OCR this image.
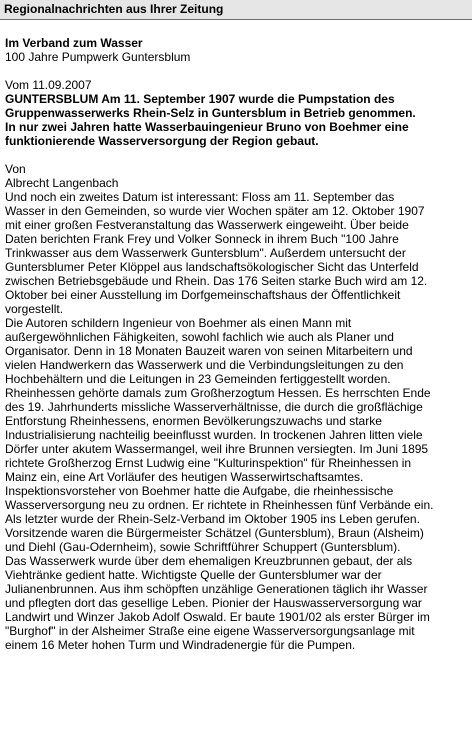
Regionalnachrichten aus Ihrer Zeitung
Im Verband zum Wasser
100 Jahre Pumpwerk Guntersblum
Vom 11.09.2007
GUNTERSBLUM Am 11. September 1907 wurde die Pumpstation des
Gruppenwasserwerks Rhein-Selz in Guntersblum in Betrieb genommen.
In nur zwei Jahren hatte Wasserbauingenieur Bruno von Boehmer eine
funktionierende Wasserversorgung der Region gebaut.
Von
Albrecht Langenbach
Und noch ein zweites Datum ist interessant: Floss am 11. September das
Wasser in den Gemeinden, so wurde vier Wochen später am 12. Oktober 1907
mit einer großen Festveranstaltung das Wasserwerk eingeweiht. Über beide
Daten berichten Frank Frey und Volker Sonneck in ihrem Buch "100 Jahre
Trinkwasser aus dem Wasserwerk Guntersblum". Außerdem untersucht der
Guntersblumer Peter Klöppel aus landschaftsökologischer Sicht das Unterfeld
zwischen Betriebsgebäude und Rhein. Das 176 Seiten starke Buch wird am 12.
Oktober bei einer Ausstellung im Dorfgemeinschaftshaus der Öffentlichkeit
vorgestellt.
Die Autoren schildern Ingenieur von Boehmer als einen Mann mit
außergewöhnlichen Fähigkeiten, sowohl fachlich wie auch als Planer und
Organisator. Denn in 18 Monaten Bauzeit waren von seinen Mitarbeitern und
vielen Handwerkern das Wasserwerk und die Verbindungsleitungen zu den
Hochbehältern und die Leitungen in 23 Gemeinden fertiggestellt worden.
Rheinhessen gehörte damals zum Großherzogtum Hessen. Es herrschten Ende
des 19. Jahrhunderts missliche Wasserverhältnisse, die durch die großflächige
Entforstung Rheinhessens, enormen Bevölkerungszuwachs und starke
Industrialisierung nachteilig beeinflusst wurden. In trockenen Jahren litten viele
Dörfer unter akutem Wassermangel, weil ihre Brunnen versiegten. Im Juni 1895
richtete Großherzog Ernst Ludwig eine "Kulturinspektion" für Rheinhessen in
Mainz ein, eine Art Vorläufer des heutigen Wasserwirtschaftsamtes.
Inspektionsvorsteher von Boehmer hatte die Aufgabe, die rheinhessische
Wasserversorgung neu zu ordnen. Er richtete in Rheinhessen fünf Verbände ein.
Als letzter wurde der Rhein-Selz-Verband im Oktober 1905 ins Leben gerufen.
Vorsitzende waren die Bürgermeister Schätzel (Guntersblum), Braun (Alsheim)
und Diehl (Gau-Odernheim), sowie Schriftführer Schuppert (Guntersblum).
Das Wasserwerk wurde über dem ehemaligen Kreuzbrunnen gebaut, der als
Viehtränke gedient hatte. Wichtigste Quelle der Guntersblumer war der
Julianenbrunnen. Aus ihm schöpften unzählige Generationen täglich ihr Wasser
und pflegten dort das gesellige Leben. Pionier der Hauswasserversorgung war
Landwirt und Winzer Jakob Adolf Oswald. Er baute 1901/02 als erster Bürger im
"Burghof" in der Alsheimer Straße eine eigene Wasserversorgungsanlage mit
einem 16 Meter hohen Turm und Windradenergie für die Pumpen.
